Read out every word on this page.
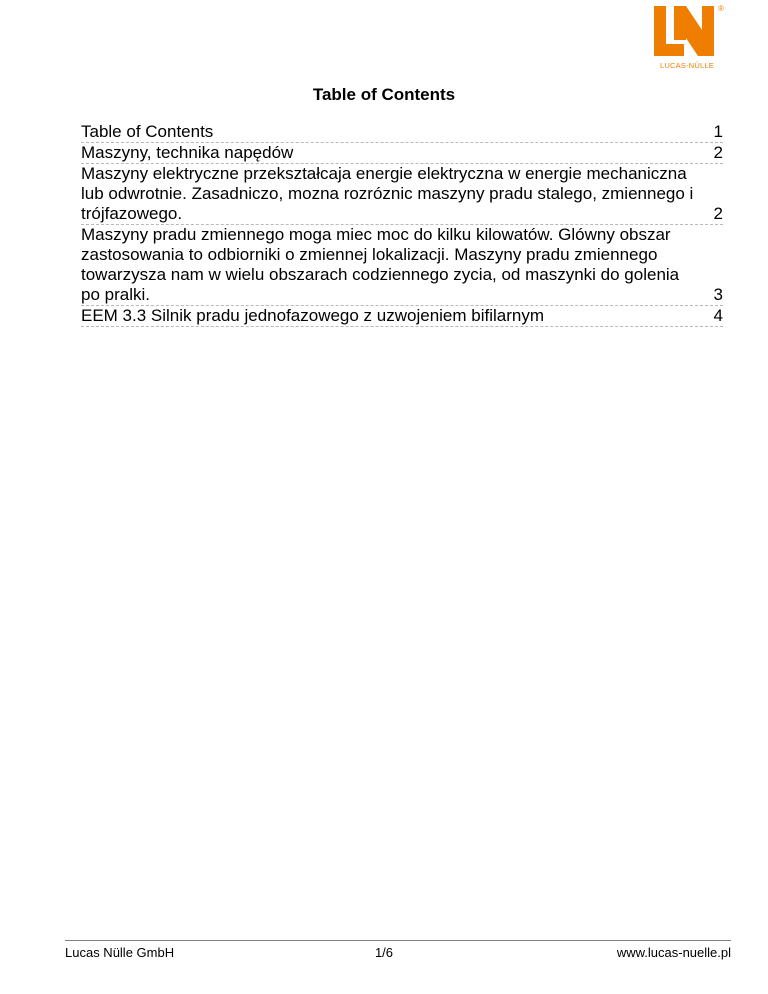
®
LUCAS-NÜLLE
Table of Contents
Table of Contents	1
Maszyny, technika napędów	2
Maszyny elektryczne przekształcaja energie elektryczna w energie mechaniczna lub odwrotnie. Zasadniczo, mozna rozróznic maszyny pradu stalego, zmiennego i trójfazowego.	2
Maszyny pradu zmiennego moga miec moc do kilku kilowatów. Glówny obszar zastosowania to odbiorniki o zmiennej lokalizacji. Maszyny pradu zmiennego towarzysza nam w wielu obszarach codziennego zycia, od maszynki do golenia po pralki.	3
EEM 3.3 Silnik pradu jednofazowego z uzwojeniem bifilarnym	4
Lucas Nülle GmbH	1/6	www.lucas-nuelle.pl
